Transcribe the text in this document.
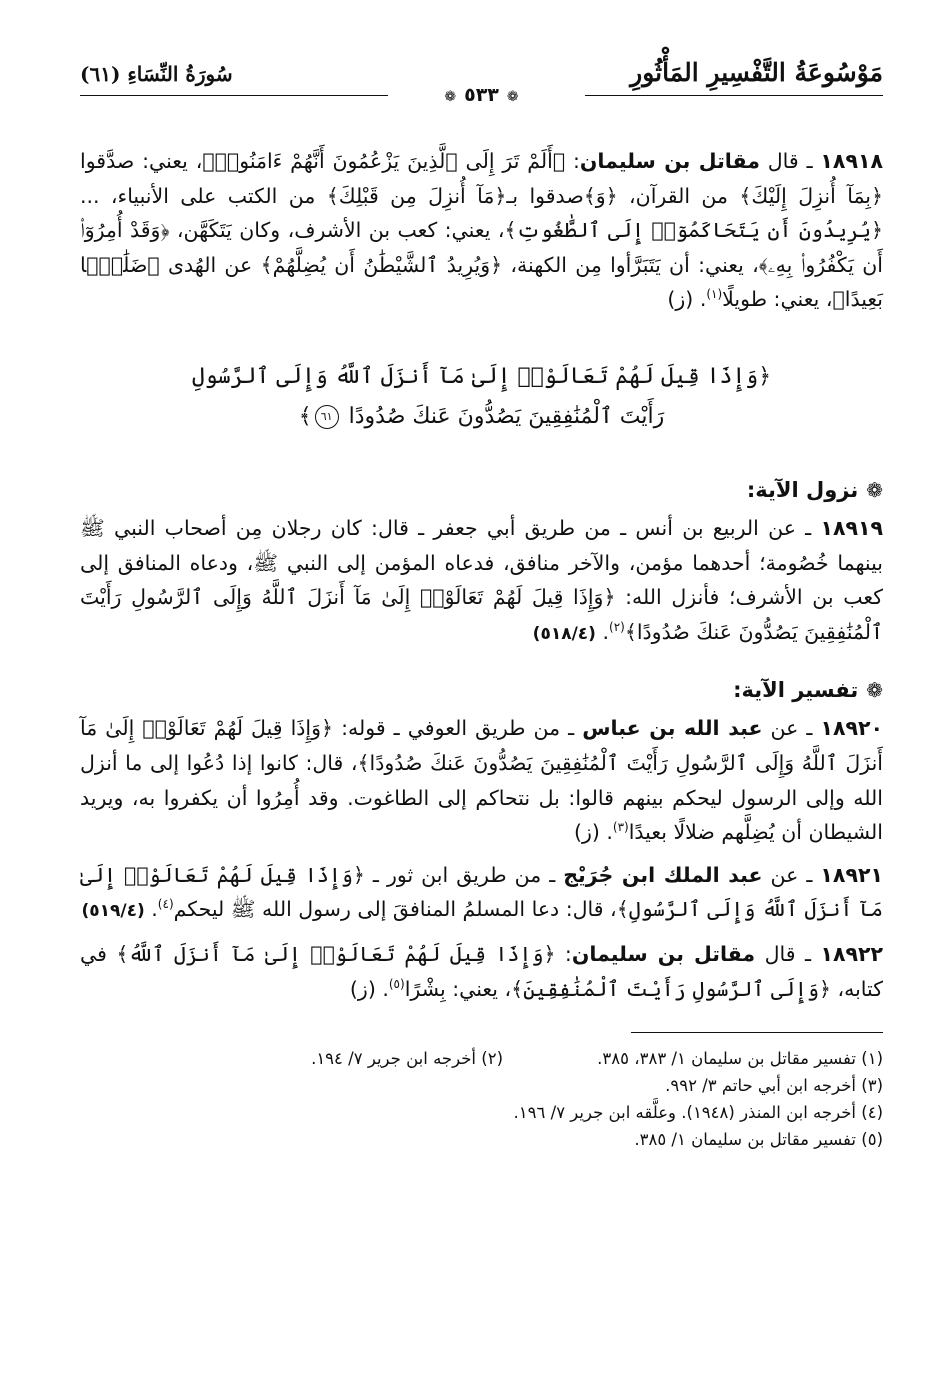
مَوْسُوعَةُ التَّفْسِيرِ المَأْثُورِ
سُورَةُ النِّسَاءِ (٦١)
❁٥٣٣❁

١٨٩١٨ ـ قال مقاتل بن سليمان: ﴿أَلَمْ تَرَ إِلَى ٱلَّذِينَ يَزْعُمُونَ أَنَّهُمْ ءَامَنُوا۟﴾، يعني: صدَّقوا ﴿بِمَآ أُنزِلَ إِلَيْكَ﴾ من القرآن، ﴿وَ﴾صدقوا بـ﴿مَآ أُنزِلَ مِن قَبْلِكَ﴾ من الكتب على الأنبياء، ... ﴿يُرِيدُونَ أَن يَتَحَاكَمُوٓا۟ إِلَى ٱلطَّٰغُوتِ﴾، يعني: كعب بن الأشرف، وكان يَتَكَهَّن، ﴿وَقَدْ أُمِرُوٓا۟ أَن يَكْفُرُوا۟ بِهِۦ﴾، يعني: أن يَتَبَرَّأوا مِن الكهنة، ﴿وَيُرِيدُ ٱلشَّيْطَٰنُ أَن يُضِلَّهُمْ﴾ عن الهُدى ﴿ضَلَٰلًۢا بَعِيدًا﴾، يعني: طويلًا$^{(١)}$. (ز)

﴿وَإِذَا قِيلَ لَهُمْ تَعَالَوْا۟ إِلَىٰ مَآ أَنزَلَ ٱللَّهُ وَإِلَى ٱلرَّسُولِ
رَأَيْتَ ٱلْمُنَٰفِقِينَ يَصُدُّونَ عَنكَ صُدُودًا ٦١﴾
❁نزول الآية:

١٨٩١٩ ـ عن الربيع بن أنس ـ من طريق أبي جعفر ـ قال: كان رجلان مِن أصحاب النبي ﷺ بينهما خُصُومة؛ أحدهما مؤمن، والآخر منافق، فدعاه المؤمن إلى النبي ﷺ، ودعاه المنافق إلى كعب بن الأشرف؛ فأنزل الله: ﴿وَإِذَا قِيلَ لَهُمْ تَعَالَوْا۟ إِلَىٰ مَآ أَنزَلَ ٱللَّهُ وَإِلَى ٱلرَّسُولِ رَأَيْتَ ٱلْمُنَٰفِقِينَ يَصُدُّونَ عَنكَ صُدُودًا﴾$^{(٢)}$. (٥١٨/٤)

❁تفسير الآية:

١٨٩٢٠ ـ عن عبد الله بن عباس ـ من طريق العوفي ـ قوله: ﴿وَإِذَا قِيلَ لَهُمْ تَعَالَوْا۟ إِلَىٰ مَآ أَنزَلَ ٱللَّهُ وَإِلَى ٱلرَّسُولِ رَأَيْتَ ٱلْمُنَٰفِقِينَ يَصُدُّونَ عَنكَ صُدُودًا﴾، قال: كانوا إذا دُعُوا إلى ما أنزل الله وإلى الرسول ليحكم بينهم قالوا: بل نتحاكم إلى الطاغوت. وقد أُمِرُوا أن يكفروا به، ويريد الشيطان أن يُضِلَّهم ضلالًا بعيدًا$^{(٣)}$. (ز)

١٨٩٢١ ـ عن عبد الملك ابن جُرَيْج ـ من طريق ابن ثور ـ ﴿وَإِذَا قِيلَ لَهُمْ تَعَالَوْا۟ إِلَىٰ مَآ أَنزَلَ ٱللَّهُ وَإِلَى ٱلرَّسُولِ﴾، قال: دعا المسلمُ المنافقَ إلى رسول الله ﷺ ليحكم$^{(٤)}$. (٥١٩/٤)

١٨٩٢٢ ـ قال مقاتل بن سليمان: ﴿وَإِذَا قِيلَ لَهُمْ تَعَالَوْا۟ إِلَىٰ مَآ أَنزَلَ ٱللَّهُ﴾ في كتابه، ﴿وَإِلَى ٱلرَّسُولِ رَأَيْتَ ٱلْمُنَٰفِقِينَ﴾، يعني: بِشْرًا$^{(٥)}$. (ز)

(١) تفسير مقاتل بن سليمان ١/ ٣٨٣، ٣٨٥.
(٢) أخرجه ابن جرير ٧/ ١٩٤.
(٣) أخرجه ابن أبي حاتم ٣/ ٩٩٢.
(٤) أخرجه ابن المنذر (١٩٤٨). وعلَّقه ابن جرير ٧/ ١٩٦.
(٥) تفسير مقاتل بن سليمان ١/ ٣٨٥.
